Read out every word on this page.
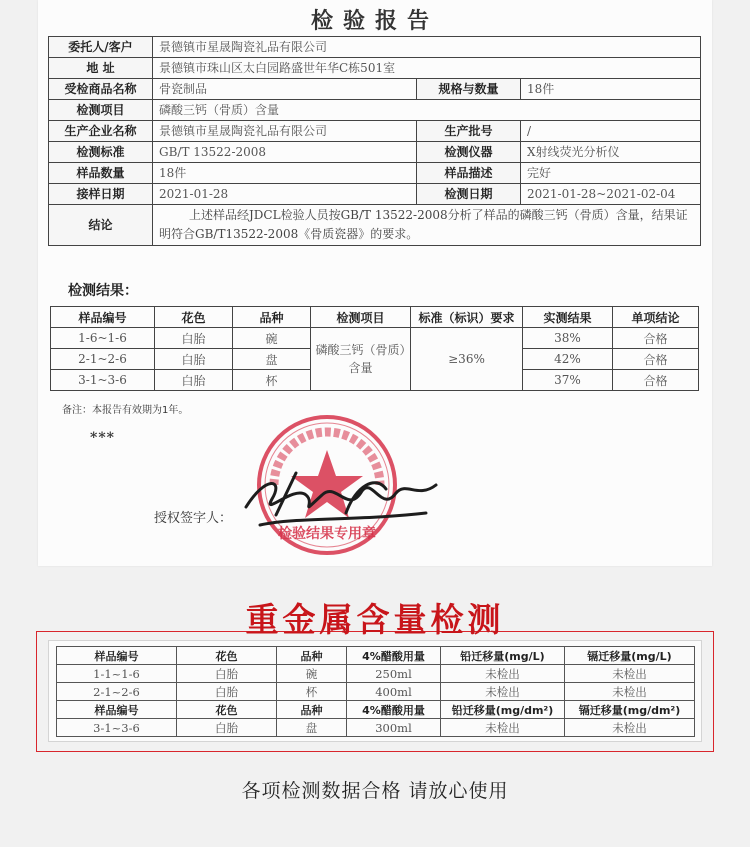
检验报告
委托人/客户	景德镇市星晟陶瓷礼品有限公司		
地 址	景德镇市珠山区太白园路盛世年华C栋501室		
受检商品名称	骨瓷制品	规格与数量	18件
检测项目	磷酸三钙（骨质）含量		
生产企业名称	景德镇市星晟陶瓷礼品有限公司	生产批号	/
检测标准	GB/T 13522-2008	检测仪器	X射线荧光分析仪
样品数量	18件	样品描述	完好
接样日期	2021-01-28	检测日期	2021-01-28~2021-02-04
结论	上述样品经JDCL检验人员按GB/T 13522-2008分析了样品的磷酸三钙（骨质）含量，结果证明符合GB/T13522-2008《骨质瓷器》的要求。		
检测结果：
样品编号	花色	品种	检测项目	标准（标识）要求	实测结果	单项结论
1-6~1-6	白胎	碗	磷酸三钙（骨质）含量	≥36%	38%	合格
2-1~2-6	白胎	盘			42%	合格
3-1~3-6	白胎	杯			37%	合格
备注：本报告有效期为1年。
***
授权签字人：
检验结果专用章
重金属含量检测
样品编号	花色	品种	4%醋酸用量	铅迁移量(mg/L)	镉迁移量(mg/L)
1-1~1-6	白胎	碗	250ml	未检出	未检出
2-1~2-6	白胎	杯	400ml	未检出	未检出
样品编号	花色	品种	4%醋酸用量	铅迁移量(mg/dm²)	镉迁移量(mg/dm²)
3-1~3-6	白胎	盘	300ml	未检出	未检出
各项检测数据合格 请放心使用
